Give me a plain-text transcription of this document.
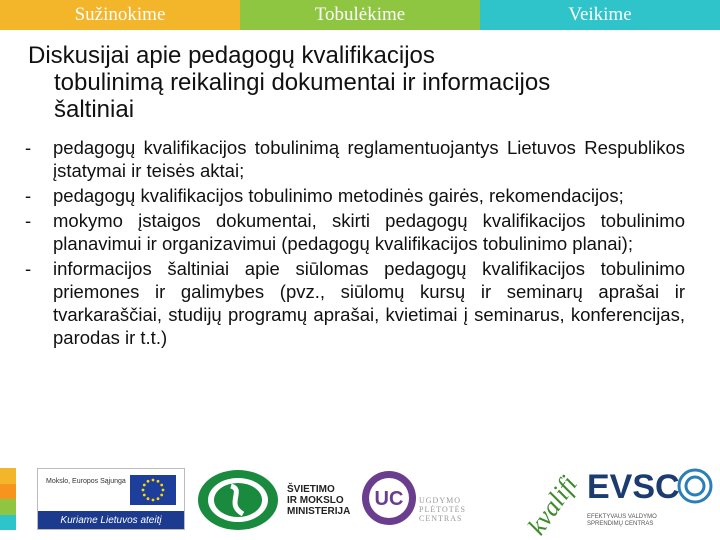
Sužinokime	Tobulėkime	Veikime
Diskusijai apie pedagogų kvalifikacijos
tobulinimą reikalingi dokumentai ir informacijos
šaltiniai
- pedagogų kvalifikacijos tobulinimą reglamentuojantys Lietuvos Respublikos įstatymai ir teisės aktai;
- pedagogų kvalifikacijos tobulinimo metodinės gairės, rekomendacijos;
- mokymo įstaigos dokumentai, skirti pedagogų kvalifikacijos tobulinimo planavimui ir organizavimui (pedagogų kvalifikacijos tobulinimo planai);
- informacijos šaltiniai apie siūlomas pedagogų kvalifikacijos tobulinimo priemones ir galimybes (pvz., siūlomų kursų ir seminarų aprašai ir tvarkaraščiai, studijų programų aprašai, kvietimai į seminarus, konferencijas, parodas ir t.t.)
Mokslo, Europos Sąjunga
Kuriame Lietuvos ateitį
ŠVIETIMO
IR MOKSLO
MINISTERIJA
UC UGDYMO
PLĖTOTĖS
CENTRAS kvalifi EVSC
EFEKTYVAUS VALDYMO
SPRENDIMŲ CENTRAS
